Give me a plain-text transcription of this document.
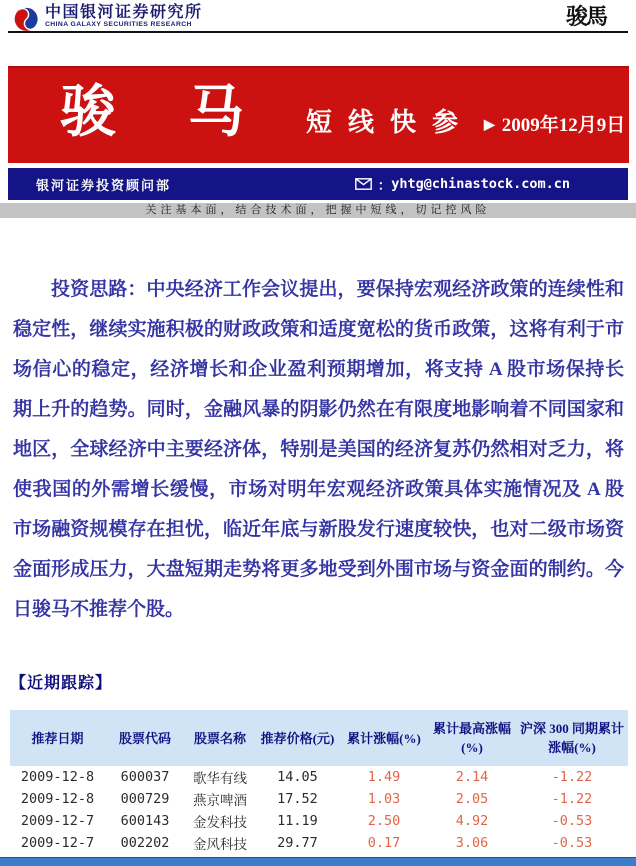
中国银河证券研究所
CHINA GALAXY SECURITIES RESEARCH	骏馬
骏 马 短线快参 ▶ 2009年12月9日
银河证券投资顾问部	： yhtg@chinastock.com.cn
关注基本面，结合技术面，把握中短线，切记控风险

投资思路：中央经济工作会议提出，要保持宏观经济政策的连续性和稳定性，继续实施积极的财政政策和适度宽松的货币政策，这将有利于市场信心的稳定，经济增长和企业盈利预期增加，将支持 A 股市场保持长期上升的趋势。同时，金融风暴的阴影仍然在有限度地影响着不同国家和地区，全球经济中主要经济体，特别是美国的经济复苏仍然相对乏力，将使我国的外需增长缓慢，市场对明年宏观经济政策具体实施情况及 A 股市场融资规模存在担忧，临近年底与新股发行速度较快，也对二级市场资金面形成压力，大盘短期走势将更多地受到外围市场与资金面的制约。今日骏马不推荐个股。

【近期跟踪】
推荐日期	股票代码	股票名称	推荐价格(元)	累计涨幅(%)	累计最高涨幅(%)	沪深 300 同期累计涨幅(%)
2009-12-8	600037	歌华有线	14.05	1.49	2.14	-1.22
2009-12-8	000729	燕京啤酒	17.52	1.03	2.05	-1.22
2009-12-7	600143	金发科技	11.19	2.50	4.92	-0.53
2009-12-7	002202	金风科技	29.77	0.17	3.06	-0.53
